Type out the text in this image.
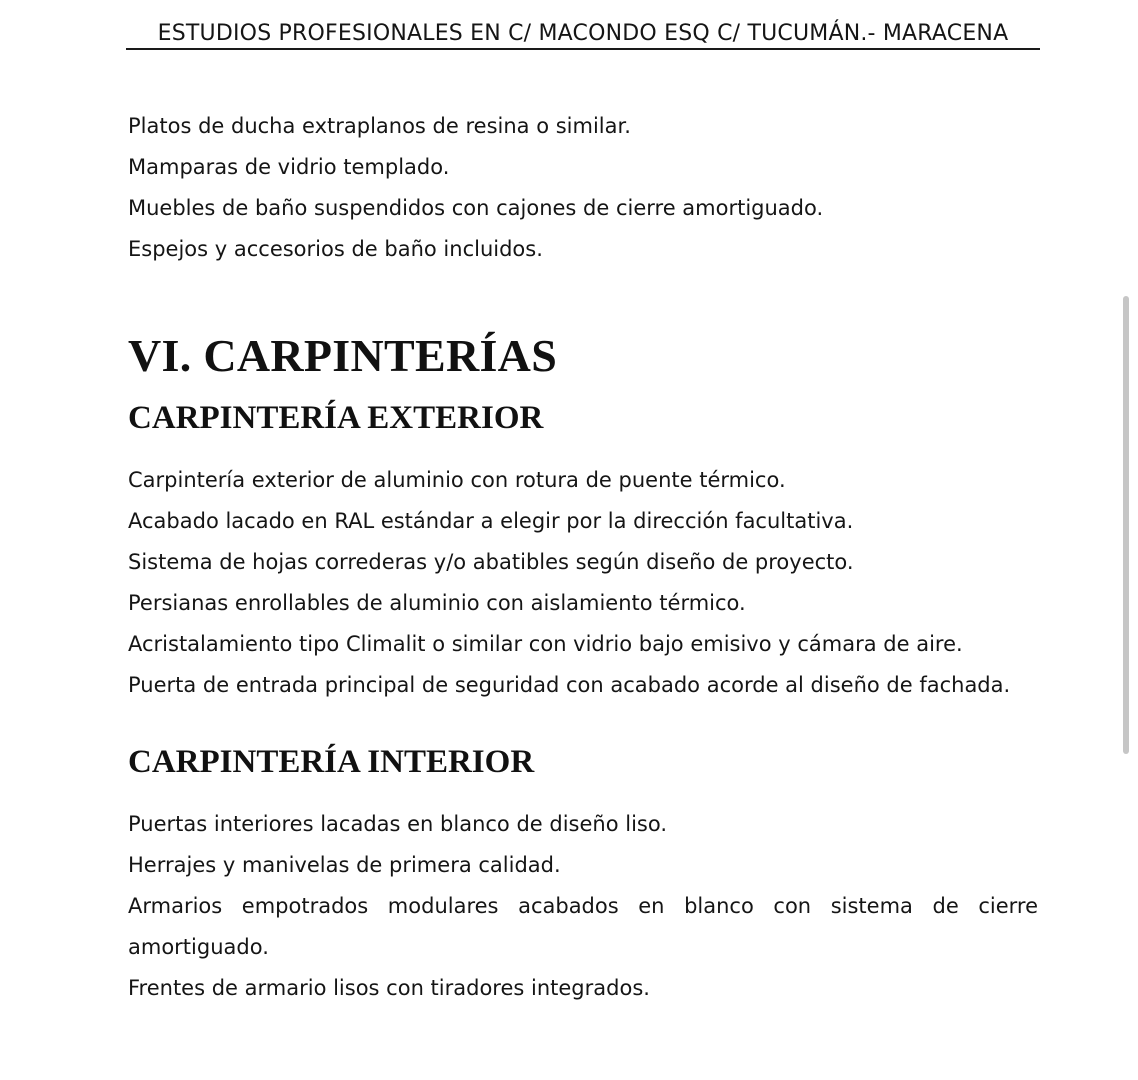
ESTUDIOS PROFESIONALES EN C/ MACONDO ESQ C/ TUCUMÁN.- MARACENA

Platos de ducha extraplanos de resina o similar.

Mamparas de vidrio templado.

Muebles de baño suspendidos con cajones de cierre amortiguado.

Espejos y accesorios de baño incluidos.

VI. CARPINTERÍAS
CARPINTERÍA EXTERIOR

Carpintería exterior de aluminio con rotura de puente térmico.

Acabado lacado en RAL estándar a elegir por la dirección facultativa.

Sistema de hojas correderas y/o abatibles según diseño de proyecto.

Persianas enrollables de aluminio con aislamiento térmico.

Acristalamiento tipo Climalit o similar con vidrio bajo emisivo y cámara de aire.

Puerta de entrada principal de seguridad con acabado acorde al diseño de fachada.

CARPINTERÍA INTERIOR

Puertas interiores lacadas en blanco de diseño liso.

Herrajes y manivelas de primera calidad.

Armarios empotrados modulares acabados en blanco con sistema de cierre amortiguado.

Frentes de armario lisos con tiradores integrados.
